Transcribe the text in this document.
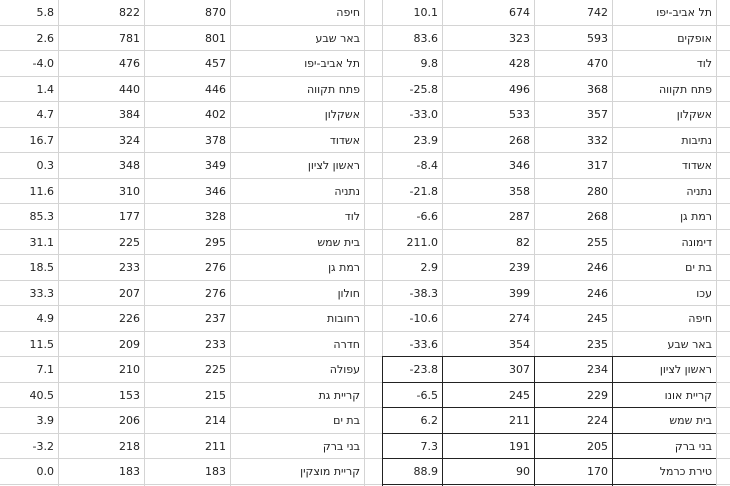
5.8	822	870	חיפה	10.1	674	742	תל אביב-יפו
2.6	781	801	באר שבע	83.6	323	593	אופקים
-4.0	476	457	תל אביב-יפו	9.8	428	470	לוד
1.4	440	446	פתח תקווה	-25.8	496	368	פתח תקווה
4.7	384	402	אשקלון	-33.0	533	357	אשקלון
16.7	324	378	אשדוד	23.9	268	332	נתיבות
0.3	348	349	ראשון לציון	-8.4	346	317	אשדוד
11.6	310	346	נתניה	-21.8	358	280	נתניה
85.3	177	328	לוד	-6.6	287	268	רמת גן
31.1	225	295	בית שמש	211.0	82	255	דימונה
18.5	233	276	רמת גן	2.9	239	246	בת ים
33.3	207	276	חולון	-38.3	399	246	עכו
4.9	226	237	רחובות	-10.6	274	245	חיפה
11.5	209	233	חדרה	-33.6	354	235	באר שבע
7.1	210	225	עפולה	-23.8	307	234	ראשון לציון
40.5	153	215	קריית גת	-6.5	245	229	קריית אונו
3.9	206	214	בת ים	6.2	211	224	בית שמש
-3.2	218	211	בני ברק	7.3	191	205	בני ברק
0.0	183	183	קריית מוצקין	88.9	90	170	טירת כרמל
